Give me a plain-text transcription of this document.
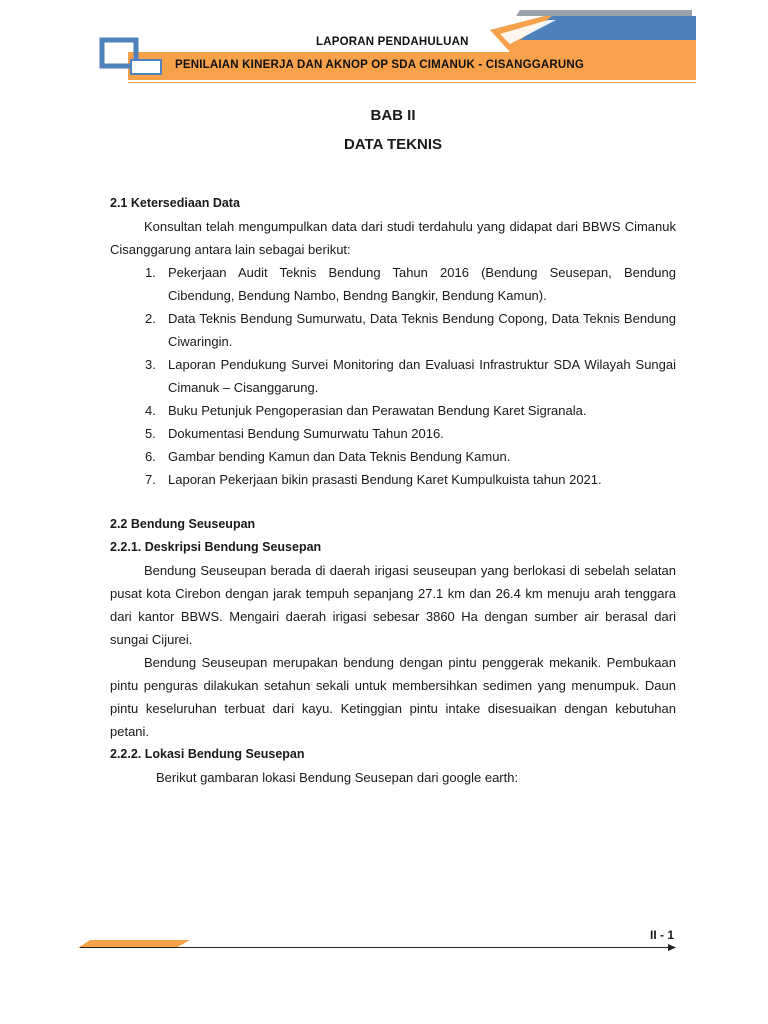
LAPORAN PENDAHULUAN
PENILAIAN KINERJA DAN AKNOP OP SDA CIMANUK - CISANGGARUNG
BAB II
DATA TEKNIS
2.1 Ketersediaan Data
Konsultan telah mengumpulkan data dari studi terdahulu yang didapat dari BBWS Cimanuk Cisanggarung antara lain sebagai berikut:
1. Pekerjaan Audit Teknis Bendung Tahun 2016 (Bendung Seusepan, Bendung Cibendung, Bendung Nambo, Bendng Bangkir, Bendung Kamun).
2. Data Teknis Bendung Sumurwatu, Data Teknis Bendung Copong, Data Teknis Bendung Ciwaringin.
3. Laporan Pendukung Survei Monitoring dan Evaluasi Infrastruktur SDA Wilayah Sungai Cimanuk – Cisanggarung.
4. Buku Petunjuk Pengoperasian dan Perawatan Bendung Karet Sigranala.
5. Dokumentasi Bendung Sumurwatu Tahun 2016.
6. Gambar bending Kamun dan Data Teknis Bendung Kamun.
7. Laporan Pekerjaan bikin prasasti Bendung Karet Kumpulkuista tahun 2021.
2.2 Bendung Seuseupan
2.2.1. Deskripsi Bendung Seusepan
Bendung Seuseupan berada di daerah irigasi seuseupan yang berlokasi di sebelah selatan pusat kota Cirebon dengan jarak tempuh sepanjang 27.1 km dan 26.4 km menuju arah tenggara dari kantor BBWS. Mengairi daerah irigasi sebesar 3860 Ha dengan sumber air berasal dari sungai Cijurei.
Bendung Seuseupan merupakan bendung dengan pintu penggerak mekanik. Pembukaan pintu penguras dilakukan setahun sekali untuk membersihkan sedimen yang menumpuk. Daun pintu keseluruhan terbuat dari kayu. Ketinggian pintu intake disesuaikan dengan kebutuhan petani.
2.2.2. Lokasi Bendung Seusepan
Berikut gambaran lokasi Bendung Seusepan dari google earth:
II - 1
